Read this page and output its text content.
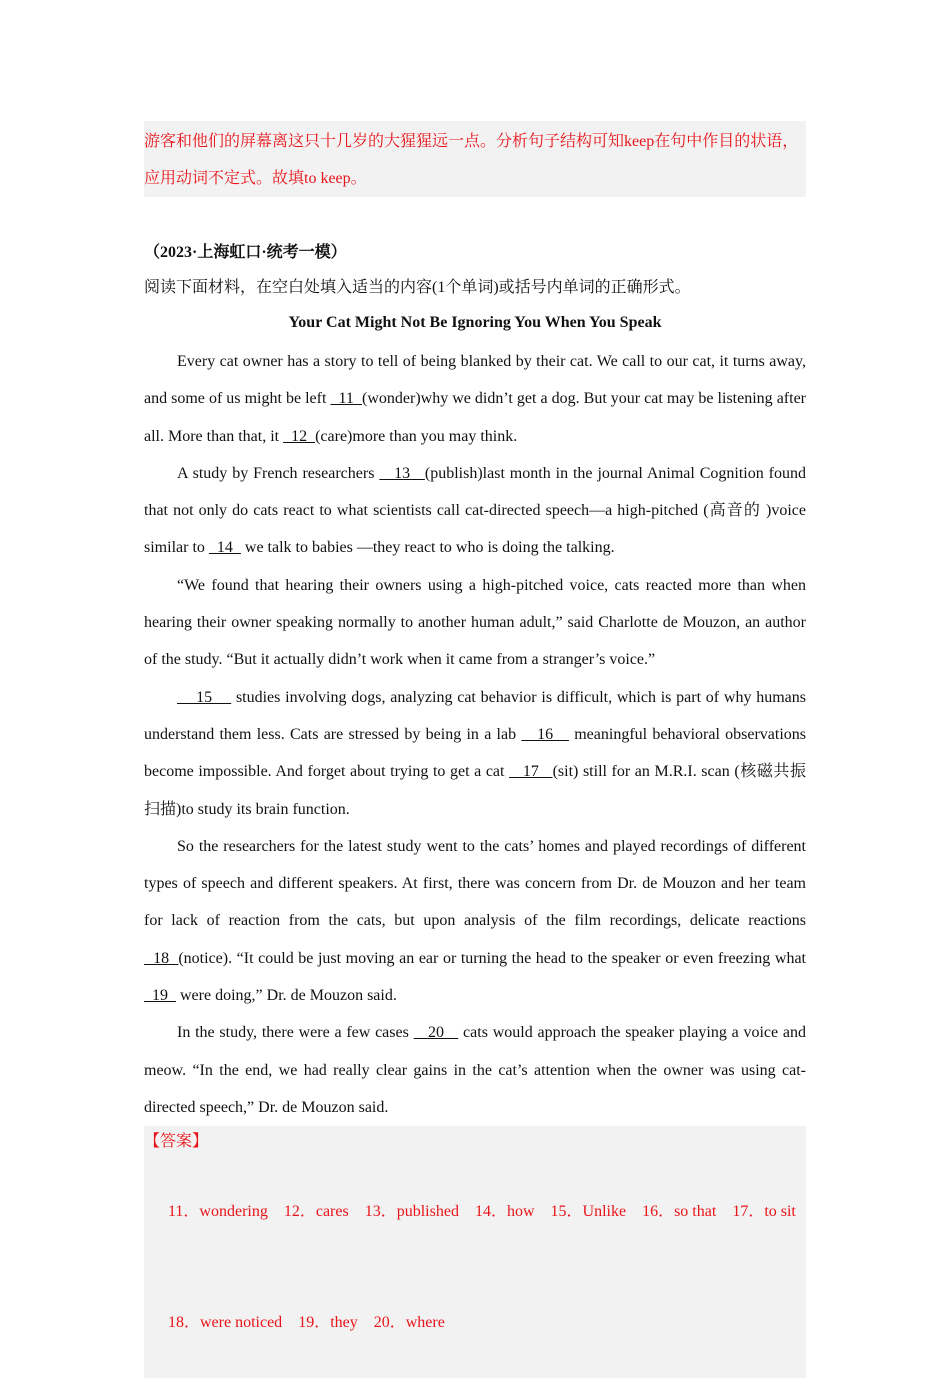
游客和他们的屏幕离这只十几岁的大猩猩远一点。分析句子结构可知keep在句中作目的状语，应用动词不定式。故填to keep。
（2023·上海虹口·统考一模）
阅读下面材料，在空白处填入适当的内容(1个单词)或括号内单词的正确形式。
Your Cat Might Not Be Ignoring You When You Speak

Every cat owner has a story to tell of being blanked by their cat. We call to our cat, it turns away, and some of us might be left   11  (wonder)why we didn’t get a dog. But your cat may be listening after all. More than that, it   12  (care)more than you may think.

A study by French researchers    13   (publish)last month in the journal Animal Cognition found that not only do cats react to what scientists call cat-directed speech—a high-pitched (高音的 )voice similar to   14   we talk to babies —they react to who is doing the talking.

“We found that hearing their owners using a high-pitched voice, cats reacted more than when hearing their owner speaking normally to another human adult,” said Charlotte de Mouzon, an author of the study. “But it actually didn’t work when it came from a stranger’s voice.”

15     studies involving dogs, analyzing cat behavior is difficult, which is part of why humans understand them less. Cats are stressed by being in a lab    16    meaningful behavioral observations become impossible. And forget about trying to get a cat    17   (sit) still for an M.R.I. scan (核磁共振扫描)to study its brain function.

So the researchers for the latest study went to the cats’ homes and played recordings of different types of speech and different speakers. At first, there was concern from Dr. de Mouzon and her team for lack of reaction from the cats, but upon analysis of the film recordings, delicate reactions   18  (notice). “It could be just moving an ear or turning the head to the speaker or even freezing what   19   were doing,” Dr. de Mouzon said.

In the study, there were a few cases    20    cats would approach the speaker playing a voice and meow. “In the end, we had really clear gains in the cat’s attention when the owner was using cat-directed speech,” Dr. de Mouzon said.

【答案】

11．wondering 12．cares 13．published 14．how 15．Unlike 16．so that 17．to sit

18．were noticed 19．they 20．where
